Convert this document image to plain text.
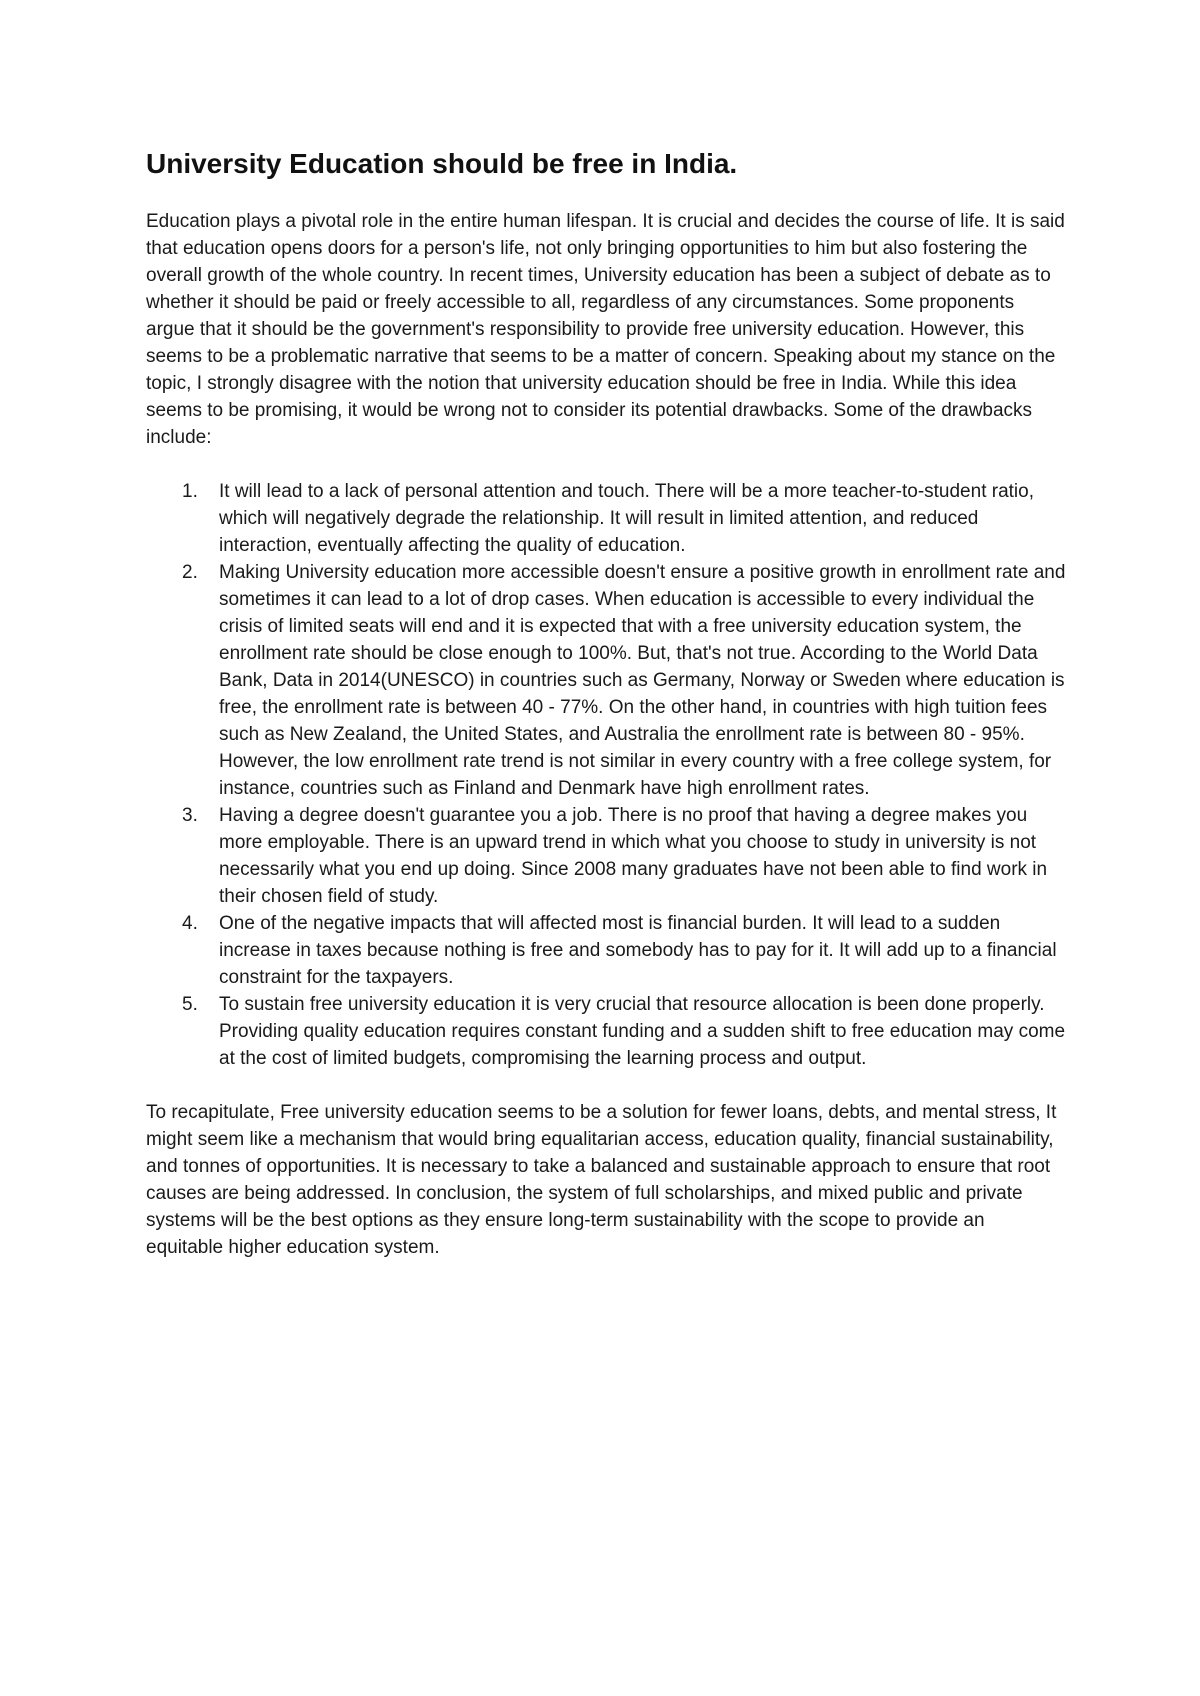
University Education should be free in India.

Education plays a pivotal role in the entire human lifespan. It is crucial and decides the course of life. It is said that education opens doors for a person's life, not only bringing opportunities to him but also fostering the overall growth of the whole country. In recent times, University education has been a subject of debate as to whether it should be paid or freely accessible to all, regardless of any circumstances. Some proponents argue that it should be the government's responsibility to provide free university education. However, this seems to be a problematic narrative that seems to be a matter of concern. Speaking about my stance on the topic, I strongly disagree with the notion that university education should be free in India. While this idea seems to be promising, it would be wrong not to consider its potential drawbacks. Some of the drawbacks include:

1. It will lead to a lack of personal attention and touch. There will be a more teacher-to-student ratio, which will negatively degrade the relationship. It will result in limited attention, and reduced interaction, eventually affecting the quality of education.
2. Making University education more accessible doesn't ensure a positive growth in enrollment rate and sometimes it can lead to a lot of drop cases. When education is accessible to every individual the crisis of limited seats will end and it is expected that with a free university education system, the enrollment rate should be close enough to 100%. But, that's not true. According to the World Data Bank, Data in 2014(UNESCO) in countries such as Germany, Norway or Sweden where education is free, the enrollment rate is between 40 - 77%. On the other hand, in countries with high tuition fees such as New Zealand, the United States, and Australia the enrollment rate is between 80 - 95%. However, the low enrollment rate trend is not similar in every country with a free college system, for instance, countries such as Finland and Denmark have high enrollment rates.
3. Having a degree doesn't guarantee you a job. There is no proof that having a degree makes you more employable. There is an upward trend in which what you choose to study in university is not necessarily what you end up doing. Since 2008 many graduates have not been able to find work in their chosen field of study.
4. One of the negative impacts that will affected most is financial burden. It will lead to a sudden increase in taxes because nothing is free and somebody has to pay for it. It will add up to a financial constraint for the taxpayers.
5. To sustain free university education it is very crucial that resource allocation is been done properly. Providing quality education requires constant funding and a sudden shift to free education may come at the cost of limited budgets, compromising the learning process and output.

To recapitulate, Free university education seems to be a solution for fewer loans, debts, and mental stress, It might seem like a mechanism that would bring equalitarian access, education quality, financial sustainability, and tonnes of opportunities. It is necessary to take a balanced and sustainable approach to ensure that root causes are being addressed. In conclusion, the system of full scholarships, and mixed public and private systems will be the best options as they ensure long-term sustainability with the scope to provide an equitable higher education system.
